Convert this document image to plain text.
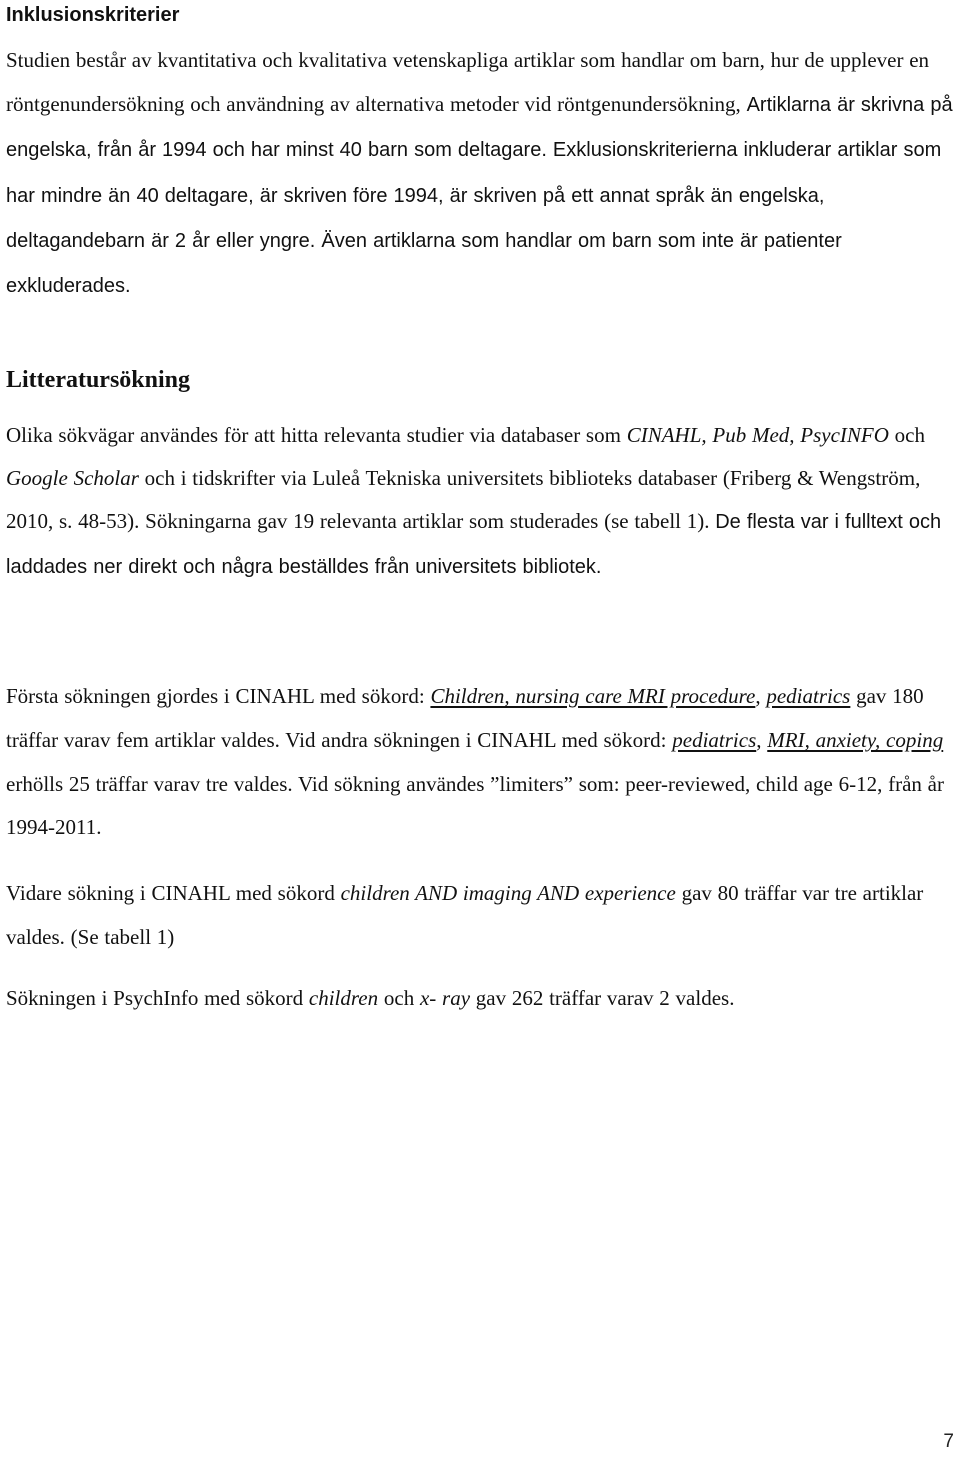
Inklusionskriterier

Studien består av kvantitativa och kvalitativa vetenskapliga artiklar som handlar om barn, hur de upplever en röntgenundersökning och användning av alternativa metoder vid röntgenundersökning, Artiklarna är skrivna på engelska, från år 1994 och har minst 40 barn som deltagare. Exklusionskriterierna inkluderar artiklar som har mindre än 40 deltagare, är skriven före 1994, är skriven på ett annat språk än engelska, deltagandebarn är 2 år eller yngre. Även artiklarna som handlar om barn som inte är patienter exkluderades.

Litteratursökning

Olika sökvägar användes för att hitta relevanta studier via databaser som CINAHL, Pub Med, PsycINFO och Google Scholar och i tidskrifter via Luleå Tekniska universitets biblioteks databaser (Friberg & Wengström, 2010, s. 48-53). Sökningarna gav 19 relevanta artiklar som studerades (se tabell 1). De flesta var i fulltext och laddades ner direkt och några beställdes från universitets bibliotek.

Första sökningen gjordes i CINAHL med sökord: Children, nursing care MRI procedure, pediatrics gav 180 träffar varav fem artiklar valdes. Vid andra sökningen i CINAHL med sökord: pediatrics, MRI, anxiety, coping erhölls 25 träffar varav tre valdes. Vid sökning användes ”limiters” som: peer-reviewed, child age 6-12, från år 1994-2011.

Vidare sökning i CINAHL med sökord children AND imaging AND experience gav 80 träffar var tre artiklar valdes. (Se tabell 1)

Sökningen i PsychInfo med sökord children och x- ray gav 262 träffar varav 2 valdes.

7
